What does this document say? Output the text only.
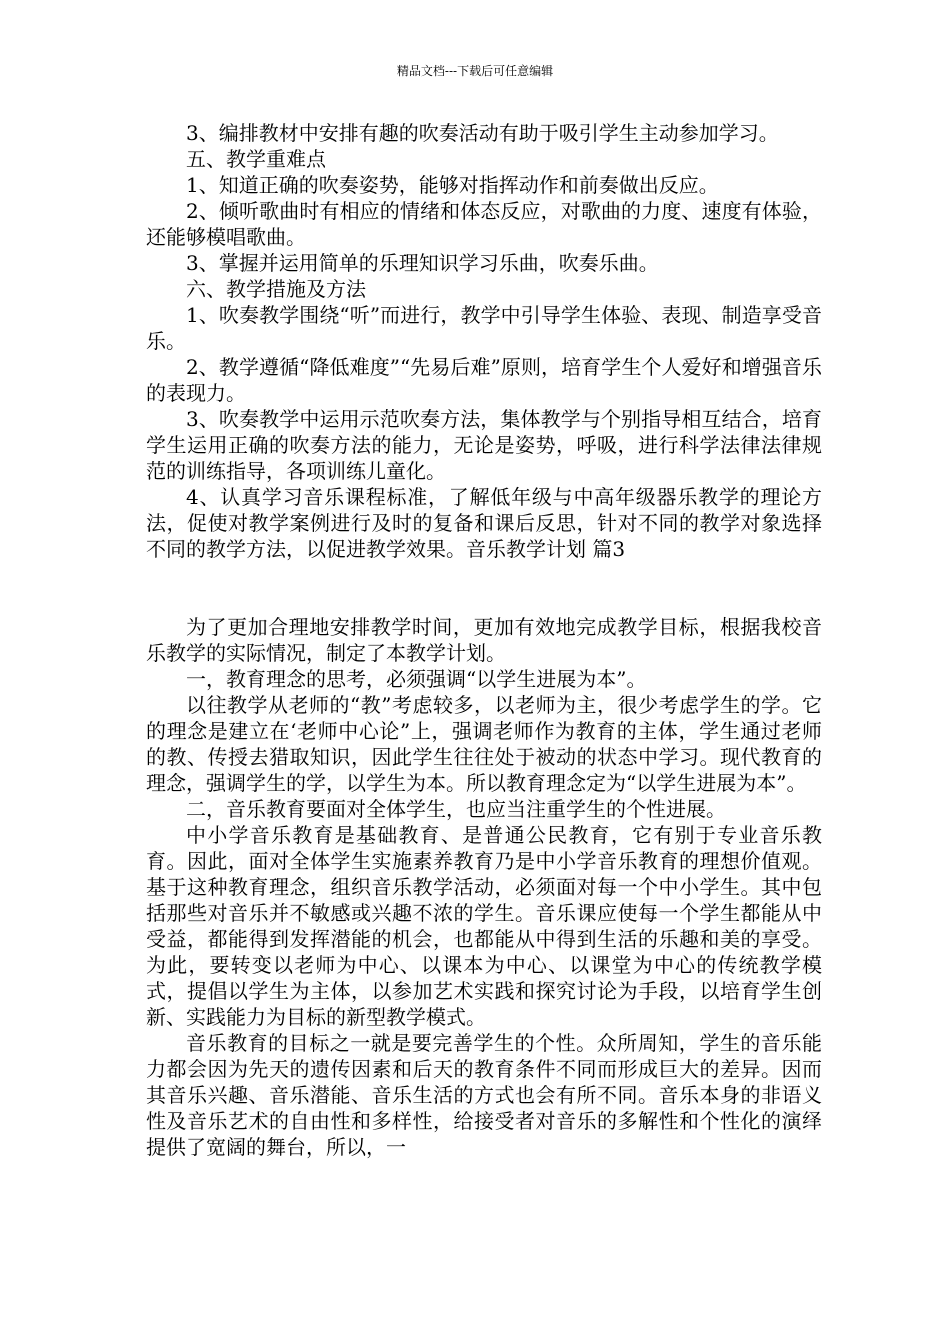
精品文档---下载后可任意编辑

3、编排教材中安排有趣的吹奏活动有助于吸引学生主动参加学习。

五、教学重难点

1、知道正确的吹奏姿势，能够对指挥动作和前奏做出反应。

2、倾听歌曲时有相应的情绪和体态反应，对歌曲的力度、速度有体验，还能够模唱歌曲。

3、掌握并运用简单的乐理知识学习乐曲，吹奏乐曲。

六、教学措施及方法

1、吹奏教学围绕“听”而进行，教学中引导学生体验、表现、制造享受音乐。

2、教学遵循“降低难度”“先易后难”原则，培育学生个人爱好和增强音乐的表现力。

3、吹奏教学中运用示范吹奏方法，集体教学与个别指导相互结合，培育学生运用正确的吹奏方法的能力，无论是姿势，呼吸，进行科学法律法律规范的训练指导，各项训练儿童化。

4、认真学习音乐课程标准，了解低年级与中高年级器乐教学的理论方法，促使对教学案例进行及时的复备和课后反思，针对不同的教学对象选择不同的教学方法，以促进教学效果。音乐教学计划 篇3

为了更加合理地安排教学时间，更加有效地完成教学目标，根据我校音乐教学的实际情况，制定了本教学计划。

一，教育理念的思考，必须强调“以学生进展为本”。

以往教学从老师的“教”考虑较多，以老师为主，很少考虑学生的学。它的理念是建立在‘老师中心论”上，强调老师作为教育的主体，学生通过老师的教、传授去猎取知识，因此学生往往处于被动的状态中学习。现代教育的理念，强调学生的学，以学生为本。所以教育理念定为“以学生进展为本”。

二，音乐教育要面对全体学生，也应当注重学生的个性进展。

中小学音乐教育是基础教育、是普通公民教育，它有别于专业音乐教育。因此，面对全体学生实施素养教育乃是中小学音乐教育的理想价值观。基于这种教育理念，组织音乐教学活动，必须面对每一个中小学生。其中包括那些对音乐并不敏感或兴趣不浓的学生。音乐课应使每一个学生都能从中受益，都能得到发挥潜能的机会，也都能从中得到生活的乐趣和美的享受。为此，要转变以老师为中心、以课本为中心、以课堂为中心的传统教学模式，提倡以学生为主体，以参加艺术实践和探究讨论为手段，以培育学生创新、实践能力为目标的新型教学模式。

音乐教育的目标之一就是要完善学生的个性。众所周知，学生的音乐能力都会因为先天的遗传因素和后天的教育条件不同而形成巨大的差异。因而其音乐兴趣、音乐潜能、音乐生活的方式也会有所不同。音乐本身的非语义性及音乐艺术的自由性和多样性，给接受者对音乐的多解性和个性化的演绎提供了宽阔的舞台，所以，一
